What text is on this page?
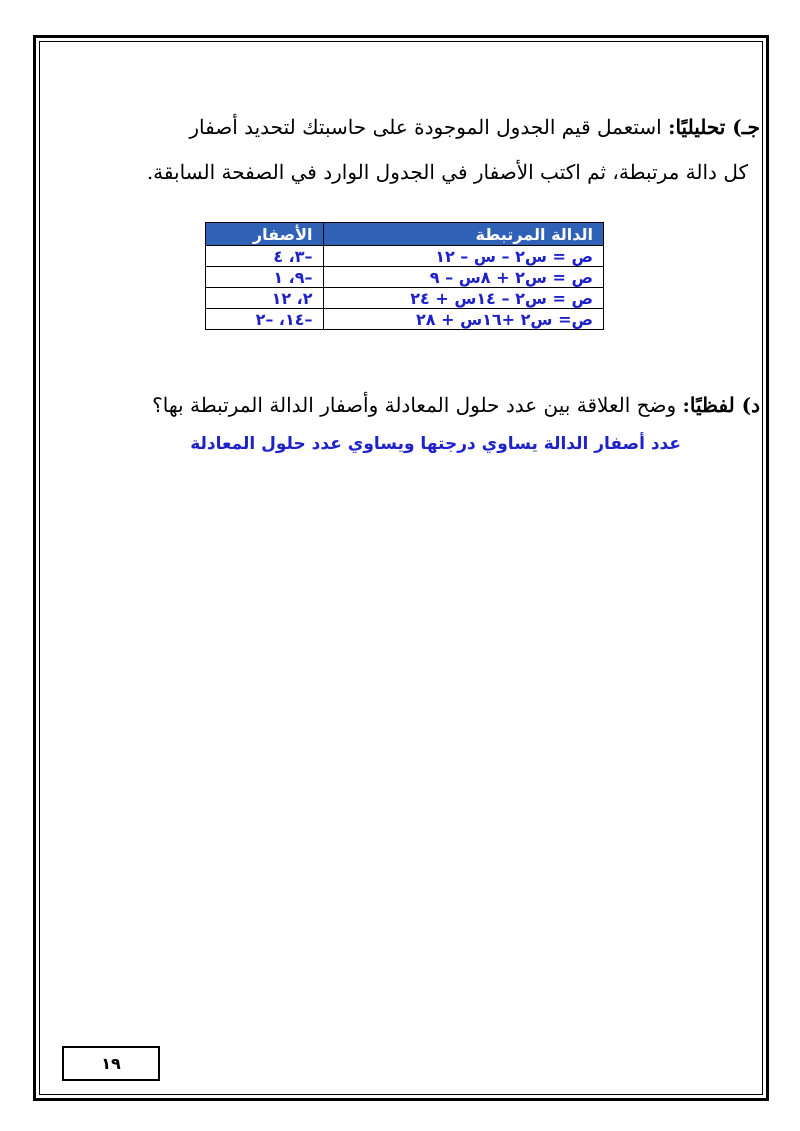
جـ) تحليليًا: استعمل قيم الجدول الموجودة على حاسبتك لتحديد أصفار
كل دالة مرتبطة، ثم اكتب الأصفار في الجدول الوارد في الصفحة السابقة.
الدالة المرتبطة	الأصفار
ص = س٢ – س – ١٢	–٣، ٤
ص = س٢ + ٨س – ٩	–٩، ١
ص = س٢ – ١٤س + ٢٤	٢، ١٢
ص= س٢ +١٦س + ٢٨	–١٤، –٢
د) لفظيًا: وضح العلاقة بين عدد حلول المعادلة وأصفار الدالة المرتبطة بها؟
عدد أصفار الدالة يساوي درجتها ويساوي عدد حلول المعادلة
١٩
